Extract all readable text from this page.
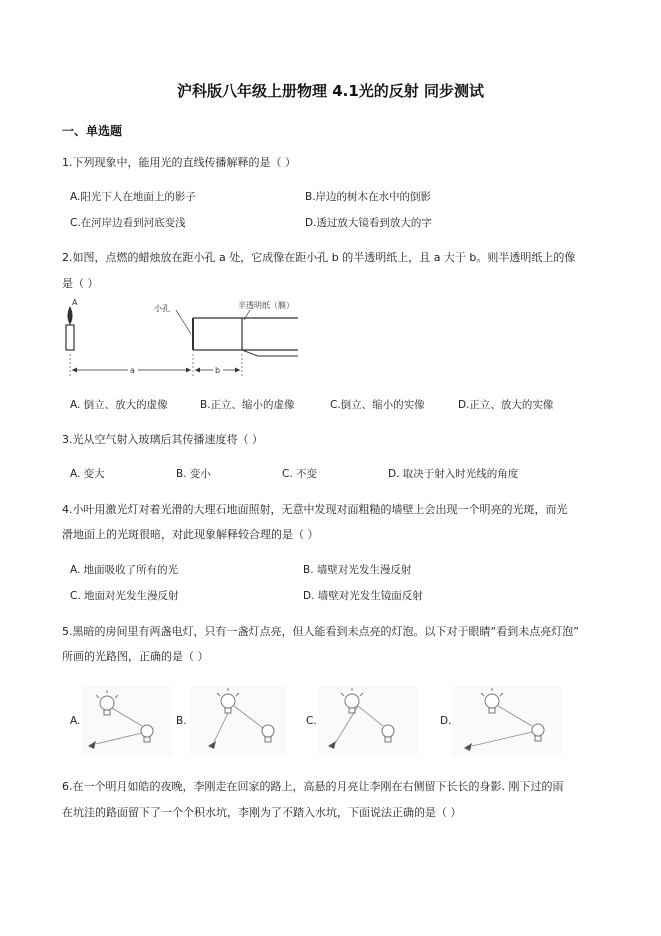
沪科版八年级上册物理 4.1光的反射 同步测试
一、单选题
1.下列现象中，能用光的直线传播解释的是（ ）
A.阳光下人在地面上的影子	B.岸边的树木在水中的倒影
C.在河岸边看到河底变浅	D.透过放大镜看到放大的字
2.如图，点燃的蜡烛放在距小孔 a 处，它成像在距小孔 b 的半透明纸上，且 a 大于 b。则半透明纸上的像
是（ ）
A
小孔	半透明纸（膜）
a	b
A. 倒立、放大的虚像	B.正立、缩小的虚像	C.倒立、缩小的实像	D.正立、放大的实像
3.光从空气射入玻璃后其传播速度将（ ）
A. 变大	B. 变小	C. 不变	D. 取决于射入时光线的角度
4.小叶用激光灯对着光滑的大理石地面照射，无意中发现对面粗糙的墙壁上会出现一个明亮的光斑，而光
滑地面上的光斑很暗，对此现象解释较合理的是（ ）
A. 地面吸收了所有的光	B. 墙壁对光发生漫反射
C. 地面对光发生漫反射	D. 墙壁对光发生镜面反射
5.黑暗的房间里有两盏电灯，只有一盏灯点亮，但人能看到未点亮的灯泡。以下对于眼睛“看到未点亮灯泡”
所画的光路图，正确的是（ ）
A.	B.	C.	D.
6.在一个明月如皓的夜晚，李刚走在回家的路上，高悬的月亮让李刚在右侧留下长长的身影. 刚下过的雨
在坑洼的路面留下了一个个积水坑，李刚为了不踏入水坑，下面说法正确的是（ ）
